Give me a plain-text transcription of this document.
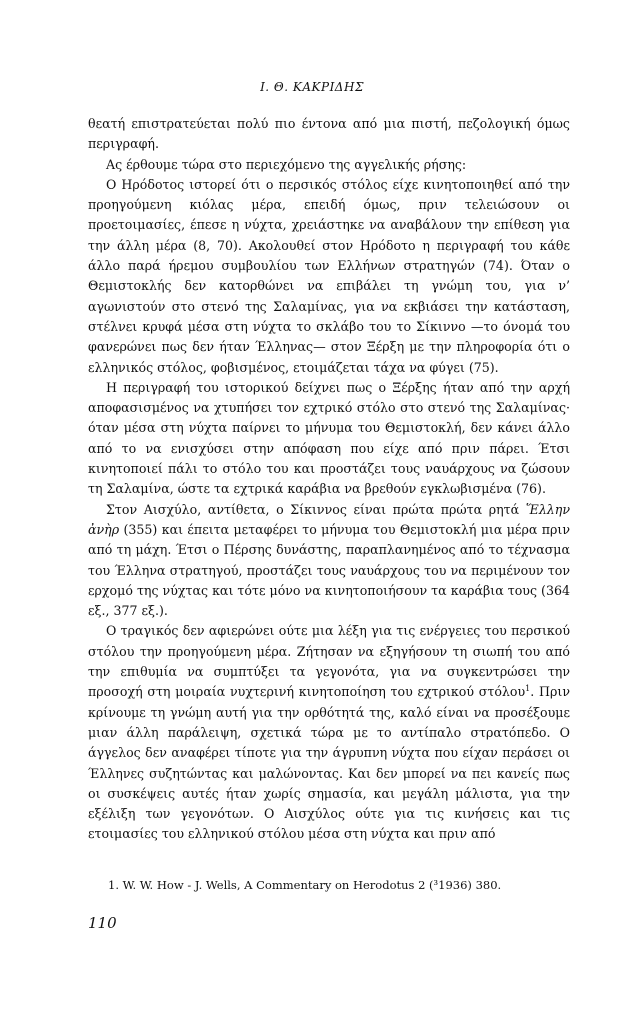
Ι. Θ. ΚΑΚΡΙΔΗΣ

θεατή επιστρατεύεται πολύ πιο έντονα από μια πιστή, πεζολογική όμως περιγραφή.

Ας έρθουμε τώρα στο περιεχόμενο της αγγελικής ρήσης:

Ο Ηρόδοτος ιστορεί ότι ο περσικός στόλος είχε κινητοποιηθεί από την προηγούμενη κιόλας μέρα, επειδή όμως, πριν τελειώσουν οι προετοιμασίες, έπεσε η νύχτα, χρειάστηκε να αναβάλουν την επίθεση για την άλλη μέρα (8, 70). Ακολουθεί στον Ηρόδοτο η περιγραφή του κάθε άλλο παρά ήρεμου συμβουλίου των Ελλήνων στρατηγών (74). Όταν ο Θεμιστοκλής δεν κατορθώνει να επιβάλει τη γνώμη του, για ν’ αγωνιστούν στο στενό της Σαλαμίνας, για να εκβιάσει την κατάσταση, στέλνει κρυφά μέσα στη νύχτα το σκλάβο του το Σίκιννο —το όνομά του φανερώνει πως δεν ήταν Έλληνας— στον Ξέρξη με την πληροφορία ότι ο ελληνικός στόλος, φοβισμένος, ετοιμάζεται τάχα να φύγει (75).

Η περιγραφή του ιστορικού δείχνει πως ο Ξέρξης ήταν από την αρχή αποφασισμένος να χτυπήσει τον εχτρικό στόλο στο στενό της Σαλαμίνας· όταν μέσα στη νύχτα παίρνει το μήνυμα του Θεμιστοκλή, δεν κάνει άλλο από το να ενισχύσει στην απόφαση που είχε από πριν πάρει. Έτσι κινητοποιεί πάλι το στόλο του και προστάζει τους ναυάρχους να ζώσουν τη Σαλαμίνα, ώστε τα εχτρικά καράβια να βρεθούν εγκλωβισμένα (76).

Στον Αισχύλο, αντίθετα, ο Σίκιννος είναι πρώτα πρώτα ρητά Ἕλλην ἀνὴρ (355) και έπειτα μεταφέρει το μήνυμα του Θεμιστοκλή μια μέρα πριν από τη μάχη. Έτσι ο Πέρσης δυνάστης, παραπλανημένος από το τέχνασμα του Έλληνα στρατηγού, προστάζει τους ναυάρχους του να περιμένουν τον ερχομό της νύχτας και τότε μόνο να κινητοποιήσουν τα καράβια τους (364 εξ., 377 εξ.).

Ο τραγικός δεν αφιερώνει ούτε μια λέξη για τις ενέργειες του περσικού στόλου την προηγούμενη μέρα. Ζήτησαν να εξηγήσουν τη σιωπή του από την επιθυμία να συμπτύξει τα γεγονότα, για να συγκεντρώσει την προσοχή στη μοιραία νυχτερινή κινητοποίηση του εχτρικού στόλου$^1$. Πριν κρίνουμε τη γνώμη αυτή για την ορθότητά της, καλό είναι να προσέξουμε μιαν άλλη παράλειψη, σχετικά τώρα με το αντίπαλο στρατόπεδο. Ο άγγελος δεν αναφέρει τίποτε για την άγρυπνη νύχτα που είχαν περάσει οι Έλληνες συζητώντας και μαλώνοντας. Και δεν μπορεί να πει κανείς πως οι συσκέψεις αυτές ήταν χωρίς σημασία, και μεγάλη μάλιστα, για την εξέλιξη των γεγονότων. Ο Αισχύλος ούτε για τις κινήσεις και τις ετοιμασίες του ελληνικού στόλου μέσα στη νύχτα και πριν από

1. W. W. How - J. Wells, A Commentary on Herodotus 2 (³1936) 380.
110
